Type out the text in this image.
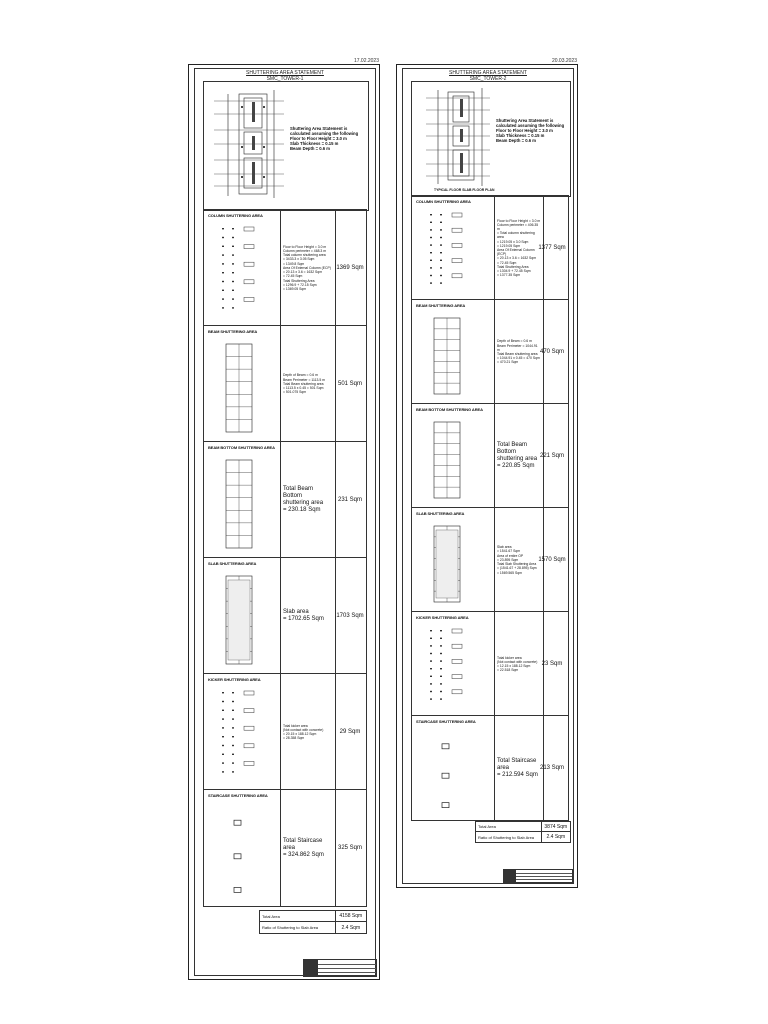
17.02.2023
SHUTTERING AREA STATEMENT
SMC_TOWER-1
Shuttering Area Statement is
calculated assuming the following
Floor to Floor Height = 3.0 m
Slab Thickness = 0.15 m
Beam Depth = 0.6 m
COLUMN SHUTTERING AREA
Floor to Floor Height = 3.0 m
Column perimeter = 468.3 m
Total column shuttering area
= 3433.3 x 3.05 Sqm
= 1349.8 Sqm
Area Of External Column (ECP)
= 20.13 x 3.6 = 1632 Sqm
= 72.45 Sqm
Total Shuttering Area
= 1296.9 + 72.15 Sqm
= 1369.05 Sqm
1369 Sqm
BEAM SHUTTERING AREA
Depth of Beam = 0.6 m
Beam Perimeter = 1113.5 m
Total Beam shuttering area
= 1113.5 x 0.45 = 501 Sqm
= 501.075 Sqm
501 Sqm
BEAM BOTTOM SHUTTERING AREA
Total Beam Bottom
shuttering area
= 230.18 Sqm
231 Sqm
SLAB SHUTTERING AREA
Slab area
= 1702.65 Sqm	1703 Sqm
KICKER SHUTTERING AREA
Total kicker area
(Not contact with concrete)
= 20.15 x 188.12 Sqm
= 28.358 Sqm
29 Sqm
STAIRCASE SHUTTERING AREA
Total Staircase area
= 324.862 Sqm
325 Sqm
Total Area	4158 Sqm
Ratio of Shuttering to Slab Area	2.4 Sqm
20.03.2023
SHUTTERING AREA STATEMENT
SMC_TOWER-2
Shuttering Area Statement is
calculated assuming the following
Floor to Floor Height = 3.0 m
Slab Thickness = 0.15 m
Beam Depth = 0.6 m
TYPICAL FLOOR SLAB FLOOR PLAN
COLUMN SHUTTERING AREA
Floor to Floor Height = 3.0 m
Column perimeter = 406.35 m
= Total column shuttering area
= 1219.05 x 3.0 Sqm
= 1219.05 Sqm
Area Of External Column (ECP)
= 20.13 x 3.6 = 1632 Sqm
= 72.45 Sqm
Total Shuttering Area
= 1304.9 + 72.45 Sqm
= 1377.35 Sqm
1377 Sqm
BEAM SHUTTERING AREA
Depth of Beam = 0.6 m
Beam Perimeter = 1044.91 m
Total Beam shuttering area
= 1044.91 x 0.45 = 470 Sqm
= 470.21 Sqm
470 Sqm
BEAM BOTTOM SHUTTERING AREA
Total Beam Bottom
shuttering area
= 220.85 Sqm
221 Sqm
SLAB SHUTTERING AREA
Slab area
= 1541.67 Sqm
Area of entire OP
= 23.895 Sqm
Total Slab Shuttering Area
= (1541.67 + 28.895) Sqm
= 1569.565 Sqm
1570 Sqm
KICKER SHUTTERING AREA
Total kicker area
(Not contact with concrete)
= 12.15 x 188.12 Sqm
= 22.518 Sqm
23 Sqm
STAIRCASE SHUTTERING AREA
Total Staircase area
= 212.594 Sqm
213 Sqm
Total Area	3874 Sqm
Ratio of Shuttering to Slab Area	2.4 Sqm
